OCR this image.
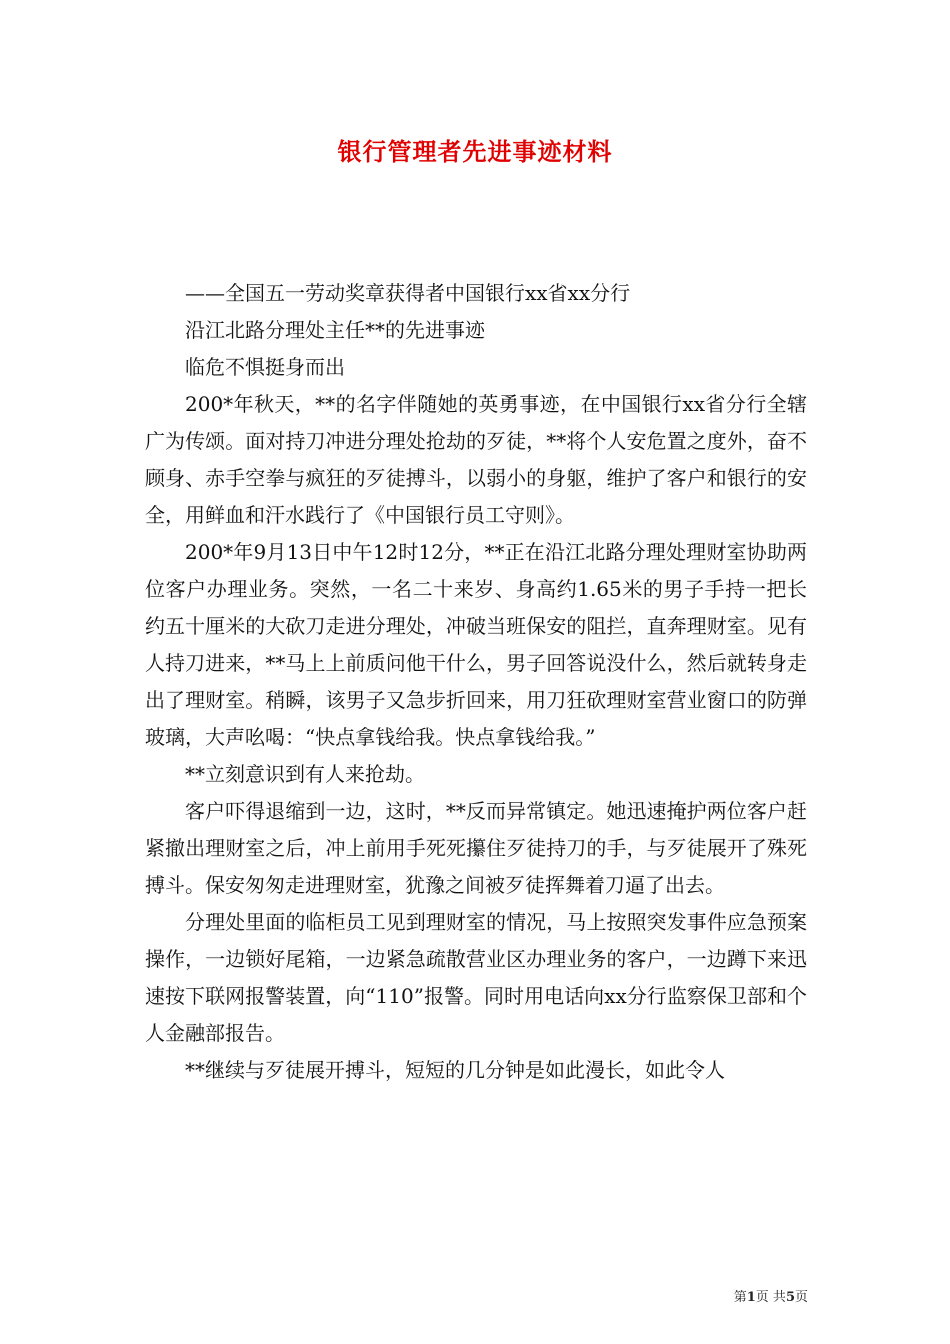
银行管理者先进事迹材料

——全国五一劳动奖章获得者中国银行xx省xx分行

沿江北路分理处主任**的先进事迹

临危不惧挺身而出

200*年秋天，**的名字伴随她的英勇事迹，在中国银行xx省分行全辖广为传颂。面对持刀冲进分理处抢劫的歹徒，**将个人安危置之度外，奋不顾身、赤手空拳与疯狂的歹徒搏斗，以弱小的身躯，维护了客户和银行的安全，用鲜血和汗水践行了《中国银行员工守则》。

200*年9月13日中午12时12分，**正在沿江北路分理处理财室协助两位客户办理业务。突然，一名二十来岁、身高约1.65米的男子手持一把长约五十厘米的大砍刀走进分理处，冲破当班保安的阻拦，直奔理财室。见有人持刀进来，**马上上前质问他干什么，男子回答说没什么，然后就转身走出了理财室。稍瞬，该男子又急步折回来，用刀狂砍理财室营业窗口的防弹玻璃，大声吆喝：“快点拿钱给我。快点拿钱给我。”

**立刻意识到有人来抢劫。

客户吓得退缩到一边，这时，**反而异常镇定。她迅速掩护两位客户赶紧撤出理财室之后，冲上前用手死死攥住歹徒持刀的手，与歹徒展开了殊死搏斗。保安匆匆走进理财室，犹豫之间被歹徒挥舞着刀逼了出去。

分理处里面的临柜员工见到理财室的情况，马上按照突发事件应急预案操作，一边锁好尾箱，一边紧急疏散营业区办理业务的客户，一边蹲下来迅速按下联网报警装置，向“110”报警。同时用电话向xx分行监察保卫部和个人金融部报告。

**继续与歹徒展开搏斗，短短的几分钟是如此漫长，如此令人

第1页 共5页
